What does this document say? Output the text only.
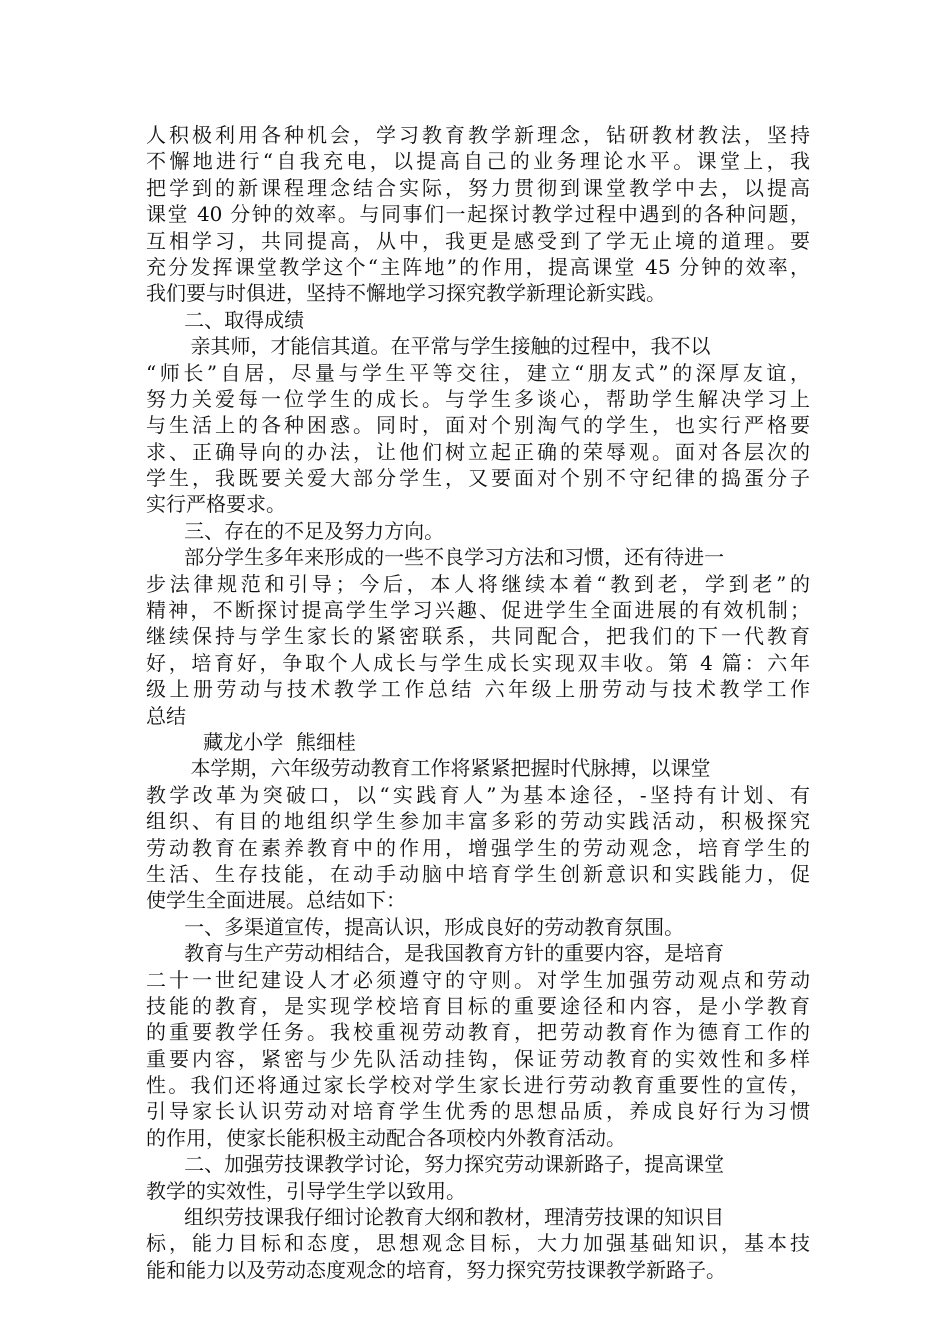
人积极利用各种机会，学习教育教学新理念，钻研教材教法，坚持
不懈地进行“自我充电，以提高自己的业务理论水平。课堂上，我
把学到的新课程理念结合实际，努力贯彻到课堂教学中去，以提高
课堂 40 分钟的效率。与同事们一起探讨教学过程中遇到的各种问题，
互相学习，共同提高，从中，我更是感受到了学无止境的道理。要
充分发挥课堂教学这个“主阵地”的作用，提高课堂 45 分钟的效率，
我们要与时俱进，坚持不懈地学习探究教学新理论新实践。
二、取得成绩
亲其师，才能信其道。在平常与学生接触的过程中，我不以
“师长”自居，尽量与学生平等交往，建立“朋友式”的深厚友谊，
努力关爱每一位学生的成长。与学生多谈心，帮助学生解决学习上
与生活上的各种困惑。同时，面对个别淘气的学生，也实行严格要
求、正确导向的办法，让他们树立起正确的荣辱观。面对各层次的
学生，我既要关爱大部分学生，又要面对个别不守纪律的捣蛋分子
实行严格要求。
三、存在的不足及努力方向。
部分学生多年来形成的一些不良学习方法和习惯，还有待进一
步法律规范和引导；今后，本人将继续本着“教到老，学到老”的
精神，不断探讨提高学生学习兴趣、促进学生全面进展的有效机制；
继续保持与学生家长的紧密联系，共同配合，把我们的下一代教育
好，培育好，争取个人成长与学生成长实现双丰收。第 4 篇：六年
级上册劳动与技术教学工作总结 六年级上册劳动与技术教学工作
总结
藏龙小学  熊细桂
本学期，六年级劳动教育工作将紧紧把握时代脉搏，以课堂
教学改革为突破口，以“实践育人”为基本途径，-坚持有计划、有
组织、有目的地组织学生参加丰富多彩的劳动实践活动，积极探究
劳动教育在素养教育中的作用，增强学生的劳动观念，培育学生的
生活、生存技能，在动手动脑中培育学生创新意识和实践能力，促
使学生全面进展。总结如下：
一、多渠道宣传，提高认识，形成良好的劳动教育氛围。
教育与生产劳动相结合，是我国教育方针的重要内容，是培育
二十一世纪建设人才必须遵守的守则。对学生加强劳动观点和劳动
技能的教育，是实现学校培育目标的重要途径和内容，是小学教育
的重要教学任务。我校重视劳动教育，把劳动教育作为德育工作的
重要内容，紧密与少先队活动挂钩，保证劳动教育的实效性和多样
性。我们还将通过家长学校对学生家长进行劳动教育重要性的宣传，
引导家长认识劳动对培育学生优秀的思想品质，养成良好行为习惯
的作用，使家长能积极主动配合各项校内外教育活动。
二、加强劳技课教学讨论，努力探究劳动课新路子，提高课堂
教学的实效性，引导学生学以致用。
组织劳技课我仔细讨论教育大纲和教材，理清劳技课的知识目
标，能力目标和态度，思想观念目标，大力加强基础知识，基本技
能和能力以及劳动态度观念的培育，努力探究劳技课教学新路子。
